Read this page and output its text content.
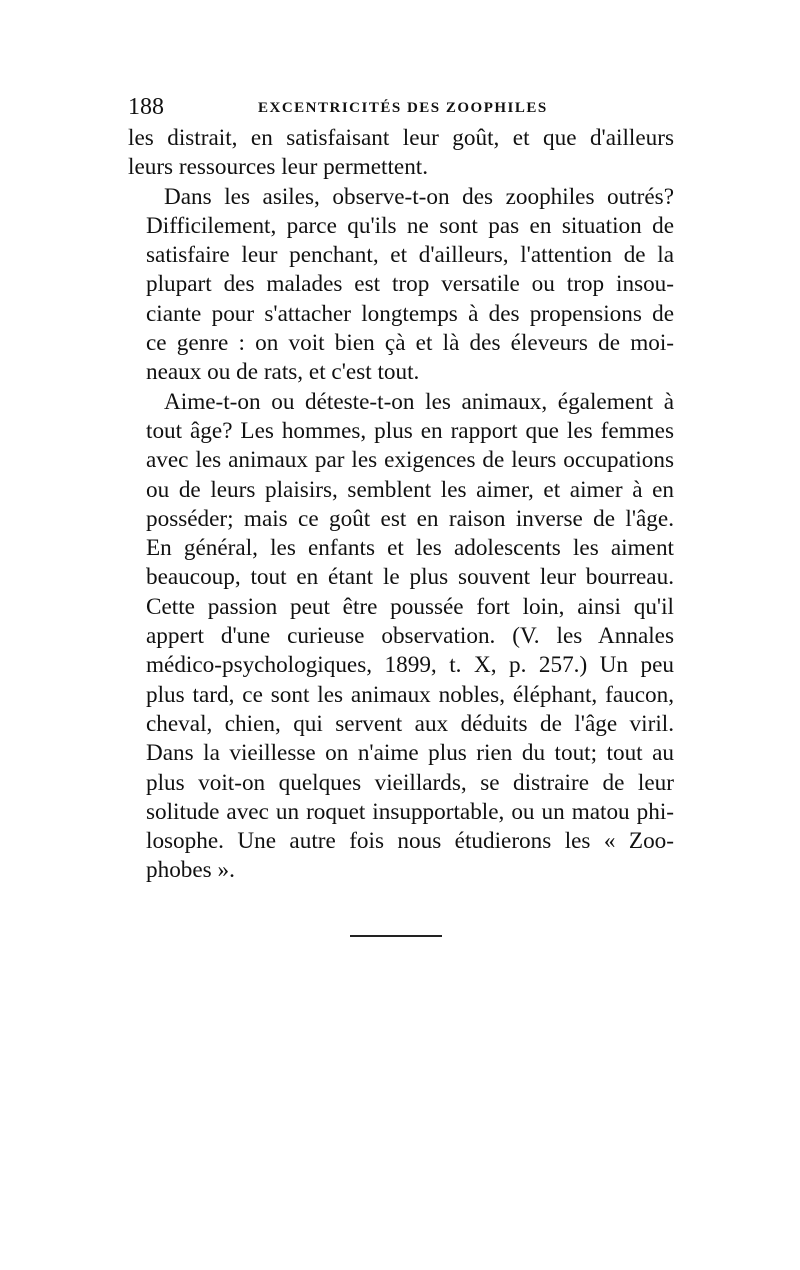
188	EXCENTRICITÉS DES ZOOPHILES

les distrait, en satisfaisant leur goût, et que d'ailleurs
leurs ressources leur permettent.

Dans les asiles, observe-t-on des zoophiles outrés?
Difficilement, parce qu'ils ne sont pas en situation de
satisfaire leur penchant, et d'ailleurs, l'attention de la
plupart des malades est trop versatile ou trop insou-
ciante pour s'attacher longtemps à des propensions de
ce genre : on voit bien çà et là des éleveurs de moi-
neaux ou de rats, et c'est tout.

Aime-t-on ou déteste-t-on les animaux, également à
tout âge? Les hommes, plus en rapport que les femmes
avec les animaux par les exigences de leurs occupations
ou de leurs plaisirs, semblent les aimer, et aimer à en
posséder; mais ce goût est en raison inverse de l'âge.
En général, les enfants et les adolescents les aiment
beaucoup, tout en étant le plus souvent leur bourreau.
Cette passion peut être poussée fort loin, ainsi qu'il
appert d'une curieuse observation. (V. les Annales
médico-psychologiques, 1899, t. X, p. 257.) Un peu
plus tard, ce sont les animaux nobles, éléphant, faucon,
cheval, chien, qui servent aux déduits de l'âge viril.
Dans la vieillesse on n'aime plus rien du tout; tout au
plus voit-on quelques vieillards, se distraire de leur
solitude avec un roquet insupportable, ou un matou phi-
losophe. Une autre fois nous étudierons les « Zoo-
phobes ».
